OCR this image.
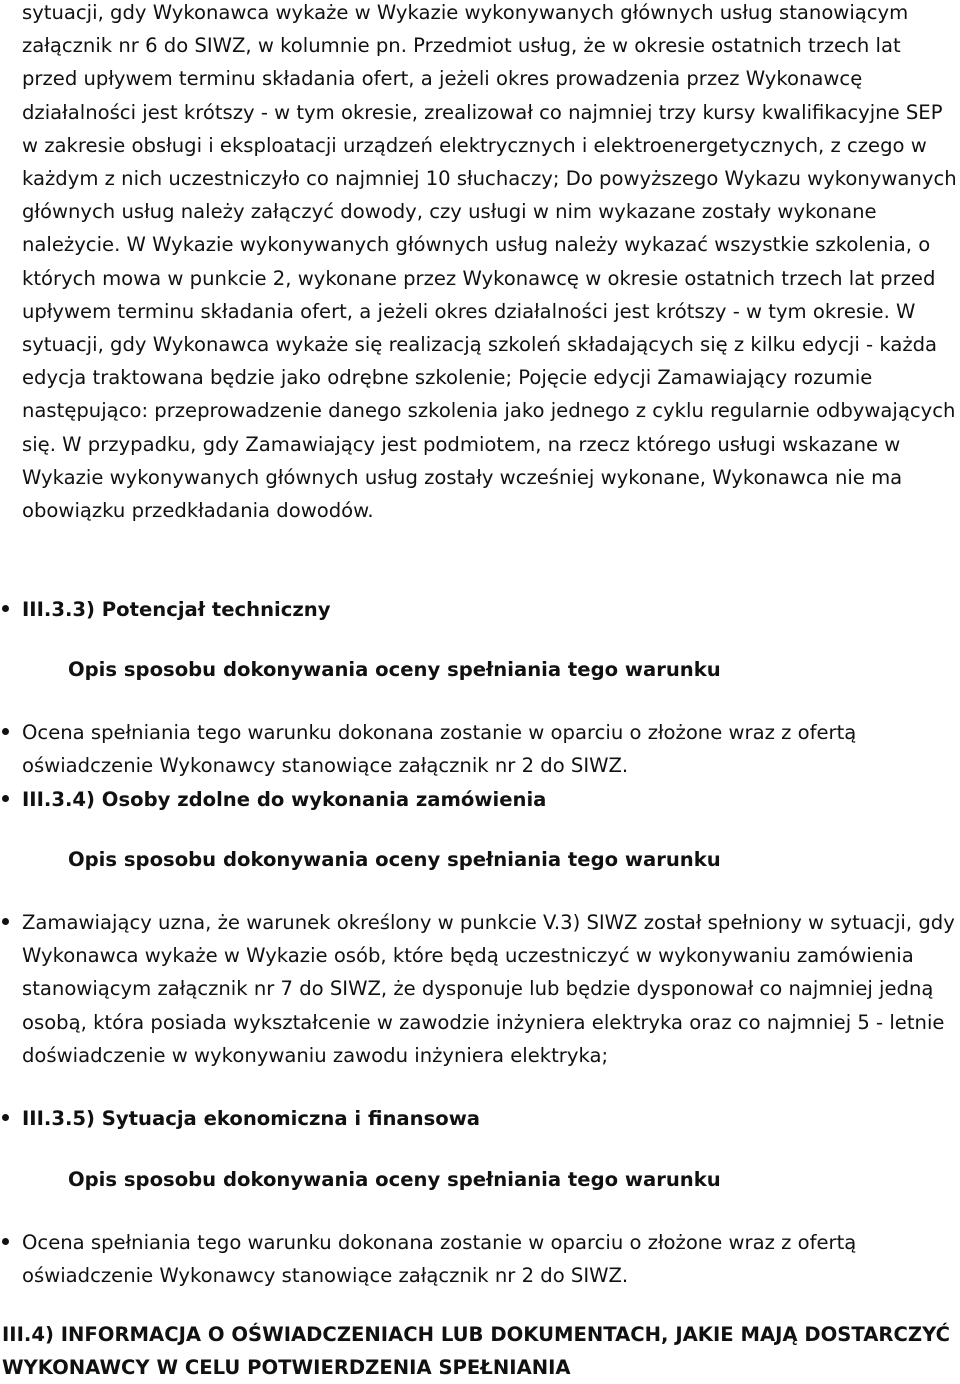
sytuacji, gdy Wykonawca wykaże w Wykazie wykonywanych głównych usług stanowiącym załącznik nr 6 do SIWZ, w kolumnie pn. Przedmiot usług, że w okresie ostatnich trzech lat przed upływem terminu składania ofert, a jeżeli okres prowadzenia przez Wykonawcę działalności jest krótszy - w tym okresie, zrealizował co najmniej trzy kursy kwalifikacyjne SEP w zakresie obsługi i eksploatacji urządzeń elektrycznych i elektroenergetycznych, z czego w każdym z nich uczestniczyło co najmniej 10 słuchaczy; Do powyższego Wykazu wykonywanych głównych usług należy załączyć dowody, czy usługi w nim wykazane zostały wykonane należycie. W Wykazie wykonywanych głównych usług należy wykazać wszystkie szkolenia, o których mowa w punkcie 2, wykonane przez Wykonawcę w okresie ostatnich trzech lat przed upływem terminu składania ofert, a jeżeli okres działalności jest krótszy - w tym okresie. W sytuacji, gdy Wykonawca wykaże się realizacją szkoleń składających się z kilku edycji - każda edycja traktowana będzie jako odrębne szkolenie; Pojęcie edycji Zamawiający rozumie następująco: przeprowadzenie danego szkolenia jako jednego z cyklu regularnie odbywających się. W przypadku, gdy Zamawiający jest podmiotem, na rzecz którego usługi wskazane w Wykazie wykonywanych głównych usług zostały wcześniej wykonane, Wykonawca nie ma obowiązku przedkładania dowodów.

III.3.3) Potencjał techniczny
Opis sposobu dokonywania oceny spełniania tego warunku

Ocena spełniania tego warunku dokonana zostanie w oparciu o złożone wraz z ofertą oświadczenie Wykonawcy stanowiące załącznik nr 2 do SIWZ.

III.3.4) Osoby zdolne do wykonania zamówienia
Opis sposobu dokonywania oceny spełniania tego warunku

Zamawiający uzna, że warunek określony w punkcie V.3) SIWZ został spełniony w sytuacji, gdy Wykonawca wykaże w Wykazie osób, które będą uczestniczyć w wykonywaniu zamówienia stanowiącym załącznik nr 7 do SIWZ, że dysponuje lub będzie dysponował co najmniej jedną osobą, która posiada wykształcenie w zawodzie inżyniera elektryka oraz co najmniej 5 - letnie doświadczenie w wykonywaniu zawodu inżyniera elektryka;

III.3.5) Sytuacja ekonomiczna i finansowa
Opis sposobu dokonywania oceny spełniania tego warunku

Ocena spełniania tego warunku dokonana zostanie w oparciu o złożone wraz z ofertą oświadczenie Wykonawcy stanowiące załącznik nr 2 do SIWZ.

III.4) INFORMACJA O OŚWIADCZENIACH LUB DOKUMENTACH, JAKIE MAJĄ DOSTARCZYĆ WYKONAWCY W CELU POTWIERDZENIA SPEŁNIANIA
